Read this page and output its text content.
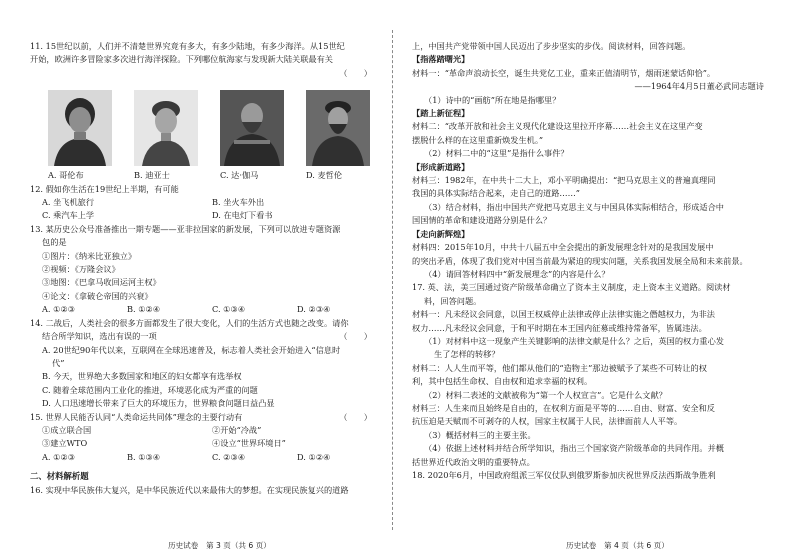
11. 15世纪以前，人们并不清楚世界究竟有多大，有多少陆地，有多少海洋。从15世纪
开始，欧洲许多冒险家多次进行海洋探险。下列哪位航海家与发现新大陆关联最有关
（　　）
A. 哥伦布	B. 迪亚士	C. 达·伽马	D. 麦哲伦
12. 假如你生活在19世纪上半期，有可能
A. 坐飞机旅行	B. 坐火车外出
C. 乘汽车上学	D. 在电灯下看书
13. 某历史公众号准备推出一期专题——亚非拉国家的新发展，下列可以放进专题资源
包的是
①图片：《纳米比亚独立》
②视频：《万隆会议》
③地图：《巴拿马收回运河主权》
④论文：《拿破仑帝国的兴衰》
A. ①②③	B. ①②④	C. ①③④	D. ②③④
14. 二战后，人类社会的很多方面都发生了很大变化，人们的生活方式也随之改变。请你
结合所学知识，选出有误的一项	（　　）
A. 20世纪90年代以来，互联网在全球迅速普及，标志着人类社会开始进入“信息时
代”
B. 今天，世界绝大多数国家和地区的妇女都享有选举权
C. 随着全球范围内工业化的推进，环境恶化成为严重的问题
D. 人口迅速增长带来了巨大的环境压力，世界粮食问题日益凸显
15. 世界人民能否认同“人类命运共同体”理念的主要行动有	（　　）
①成立联合国	②开始“冷战”
③建立WTO	④设立“世界环境日”
A. ①②③	B. ①③④	C. ②③④	D. ①②④
二、材料解析题
16. 实现中华民族伟大复兴，是中华民族近代以来最伟大的梦想。在实现民族复兴的道路
上，中国共产党带领中国人民迈出了步步坚实的步伐。阅读材料，回答问题。
【指落踏曙光】
材料一：“革命声浪动长空，诞生共党亿工业，重来正值清明节，烟雨迷蒙话仰恰”。
——1964年4月5日董必武同志题诗
（1）诗中的“画舫”所在地是指哪里？
【踏上新征程】
材料二：“改革开放和社会主义现代化建设这里拉开序幕……社会主义在这里产变
摆脱什么样的在这里重新焕发生机。”
（2）材料二中的“这里”是指什么事件？
【形成新道路】
材料三：1982年，在中共十二大上，邓小平明确提出：“把马克思主义的普遍真理同
我国的具体实际结合起来，走自己的道路……”
（3）结合材料，指出中国共产党把马克思主义与中国具体实际相结合，形成适合中
国国情的革命和建设道路分别是什么？
【走向新辉煌】
材料四：2015年10月，中共十八届五中全会提出的新发展理念针对的是我国发展中
的突出矛盾，体现了我们党对中国当前最为紧迫的现实问题，关系我国发展全局和未来前景。
（4）请回答材料四中“新发展理念”的内容是什么？
17. 英、法，美三国通过资产阶级革命确立了资本主义制度，走上资本主义道路。阅读材
料，回答问题。
材料一：凡未经议会同意，以国王权威停止法律或停止法律实施之僭越权力，为非法
权力……凡未经议会同意，于和平时期在本王国内征募或维持常备军，皆属违法。
（1）对材料中这一现象产生关键影响的法律文献是什么？之后，英国的权力重心发
生了怎样的转移？
材料二：人人生而平等，他们都从他们的“造物主”那边被赋予了某些不可转让的权
利，其中包括生命权、自由权和追求幸福的权利。
（2）材料二表述的文献被称为“第一个人权宣言”。它是什么文献？
材料三：人生来而且始终是自由的，在权利方面是平等的……自由、财富、安全和反
抗压迫是天赋而不可剥夺的人权，国家主权属于人民，法律面前人人平等。
（3）概括材料三的主要主张。
（4）依据上述材料并结合所学知识，指出三个国家资产阶级革命的共同作用。并概
括世界近代政治文明的重要特点。
18. 2020年6月，中国政府组派三军仪仗队到俄罗斯参加庆祝世界反法西斯战争胜利
历史试卷　第 3 页（共 6 页）	历史试卷　第 4 页（共 6 页）
